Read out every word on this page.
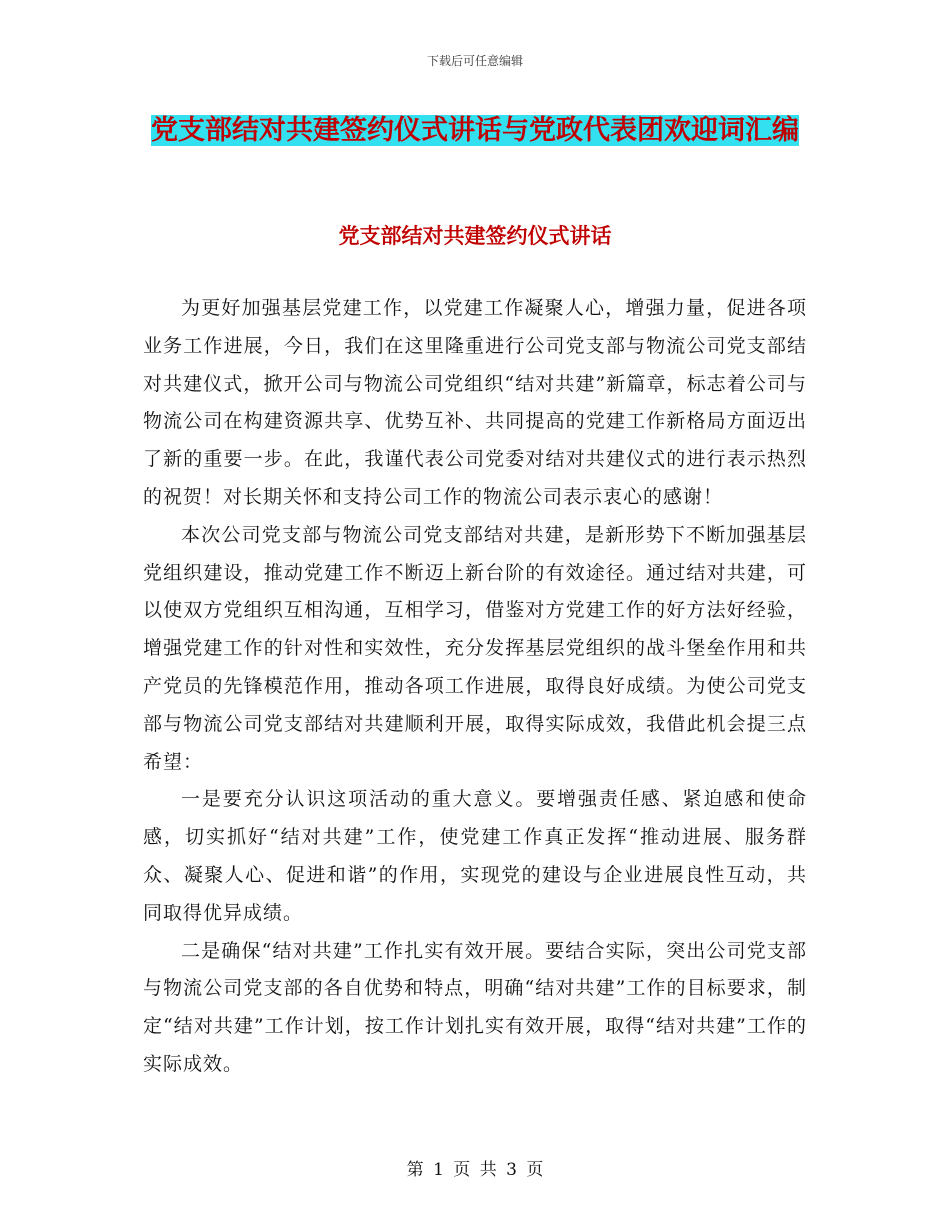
下载后可任意编辑
党支部结对共建签约仪式讲话与党政代表团欢迎词汇编
党支部结对共建签约仪式讲话

为更好加强基层党建工作，以党建工作凝聚人心，增强力量，促进各项业务工作进展，今日，我们在这里隆重进行公司党支部与物流公司党支部结对共建仪式，掀开公司与物流公司党组织“结对共建”新篇章，标志着公司与物流公司在构建资源共享、优势互补、共同提高的党建工作新格局方面迈出了新的重要一步。在此，我谨代表公司党委对结对共建仪式的进行表示热烈的祝贺！对长期关怀和支持公司工作的物流公司表示衷心的感谢！

本次公司党支部与物流公司党支部结对共建，是新形势下不断加强基层党组织建设，推动党建工作不断迈上新台阶的有效途径。通过结对共建，可以使双方党组织互相沟通，互相学习，借鉴对方党建工作的好方法好经验，增强党建工作的针对性和实效性，充分发挥基层党组织的战斗堡垒作用和共产党员的先锋模范作用，推动各项工作进展，取得良好成绩。为使公司党支部与物流公司党支部结对共建顺利开展，取得实际成效，我借此机会提三点希望：

一是要充分认识这项活动的重大意义。要增强责任感、紧迫感和使命感，切实抓好“结对共建”工作，使党建工作真正发挥“推动进展、服务群众、凝聚人心、促进和谐”的作用，实现党的建设与企业进展良性互动，共同取得优异成绩。

二是确保“结对共建”工作扎实有效开展。要结合实际，突出公司党支部与物流公司党支部的各自优势和特点，明确“结对共建”工作的目标要求，制定“结对共建”工作计划，按工作计划扎实有效开展，取得“结对共建”工作的实际成效。

第 1 页 共 3 页
